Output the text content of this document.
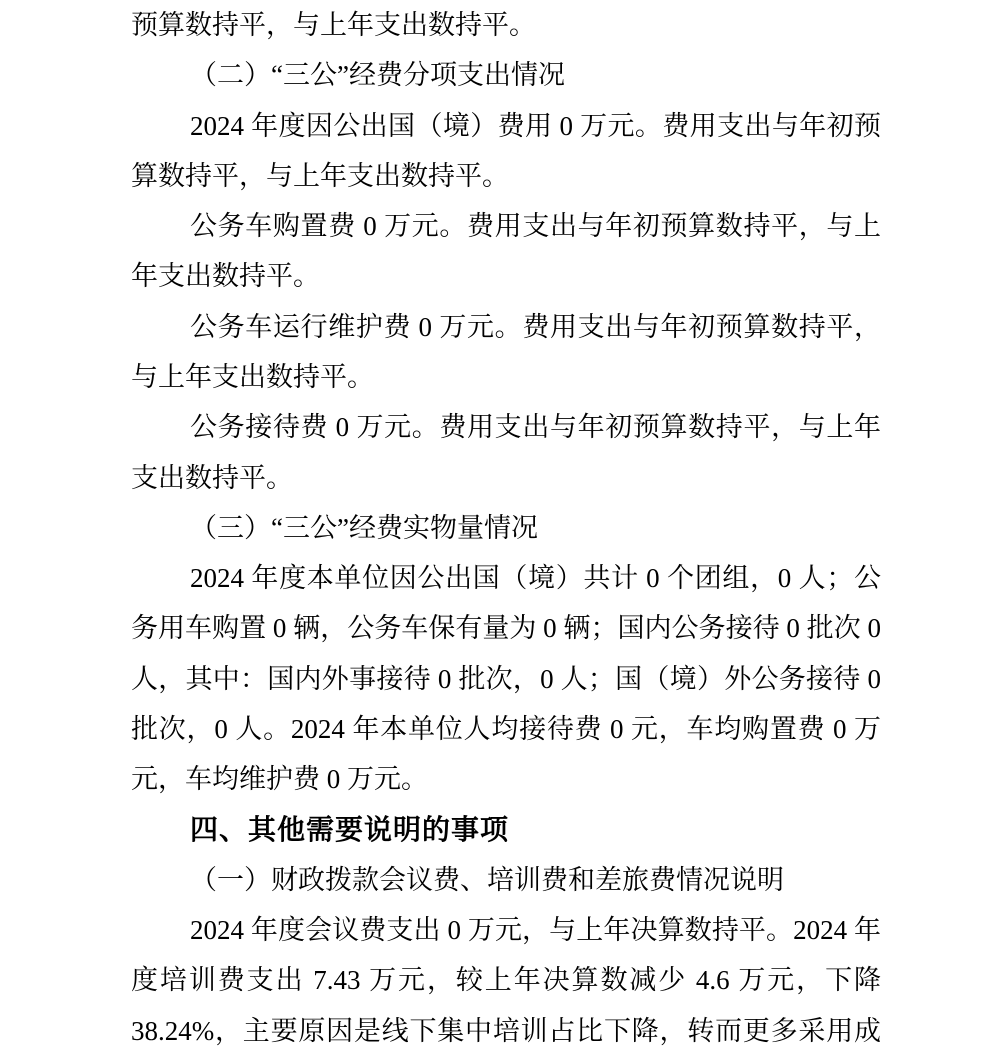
预算数持平，与上年支出数持平。
（二）“三公”经费分项支出情况
2024 年度因公出国（境）费用 0 万元。费用支出与年初预
算数持平，与上年支出数持平。
公务车购置费 0 万元。费用支出与年初预算数持平，与上
年支出数持平。
公务车运行维护费 0 万元。费用支出与年初预算数持平，
与上年支出数持平。
公务接待费 0 万元。费用支出与年初预算数持平，与上年
支出数持平。
（三）“三公”经费实物量情况
2024 年度本单位因公出国（境）共计 0 个团组，0 人；公
务用车购置 0 辆，公务车保有量为 0 辆；国内公务接待 0 批次 0
人，其中：国内外事接待 0 批次，0 人；国（境）外公务接待 0
批次，0 人。2024 年本单位人均接待费 0 元，车均购置费 0 万
元，车均维护费 0 万元。
四、其他需要说明的事项
（一）财政拨款会议费、培训费和差旅费情况说明
2024 年度会议费支出 0 万元，与上年决算数持平。2024 年
度培训费支出 7.43 万元，较上年决算数减少 4.6 万元，下降
38.24%，主要原因是线下集中培训占比下降，转而更多采用成
